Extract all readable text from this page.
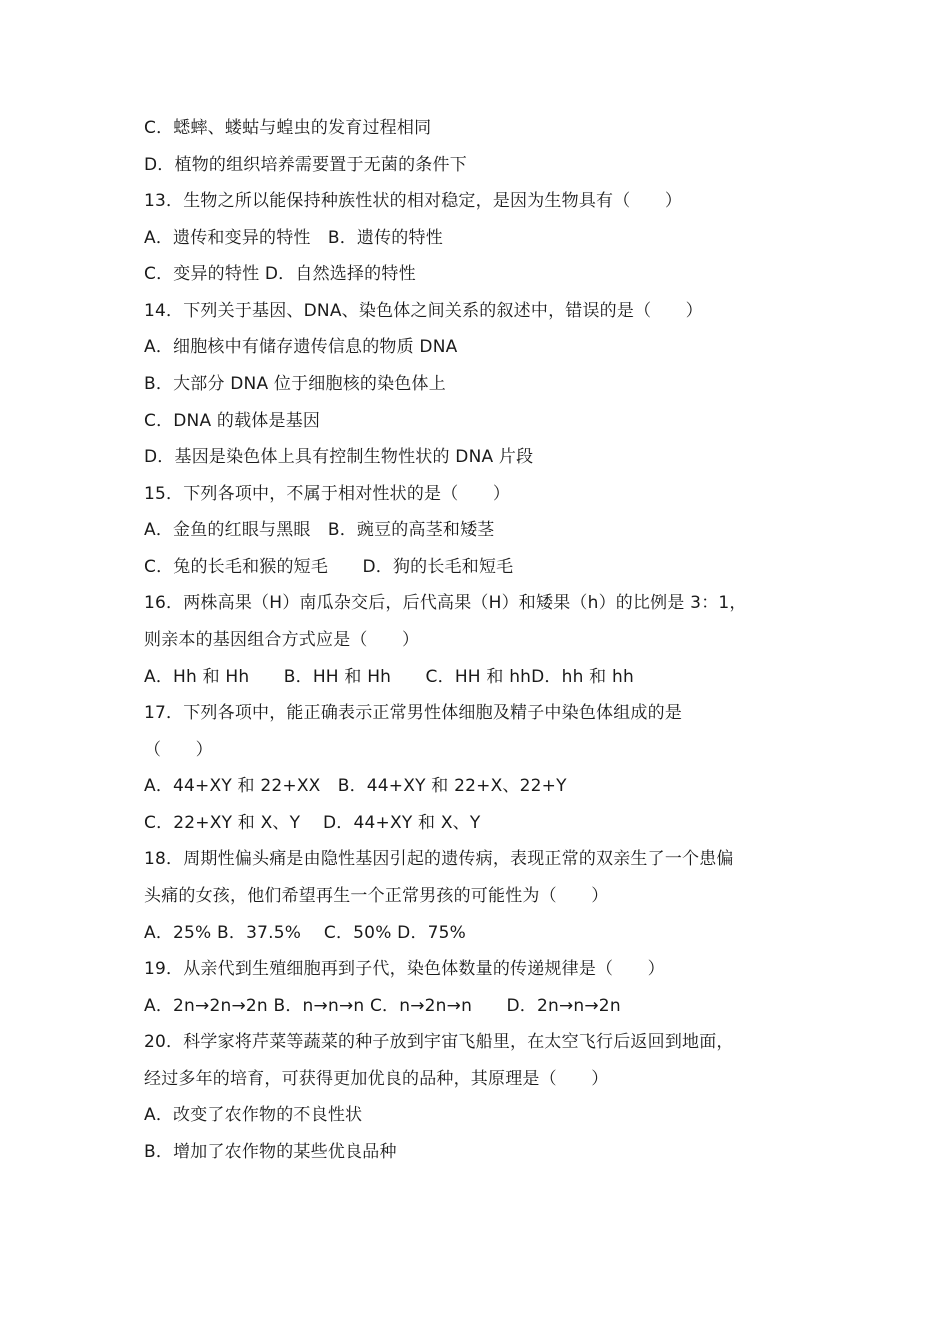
C．蟋蟀、蝼蛄与蝗虫的发育过程相同
D．植物的组织培养需要置于无菌的条件下
13．生物之所以能保持种族性状的相对稳定，是因为生物具有（　　）
A．遗传和变异的特性　B．遗传的特性
C．变异的特性 D．自然选择的特性
14．下列关于基因、DNA、染色体之间关系的叙述中，错误的是（　　）
A．细胞核中有储存遗传信息的物质 DNA
B．大部分 DNA 位于细胞核的染色体上
C．DNA 的载体是基因
D．基因是染色体上具有控制生物性状的 DNA 片段
15．下列各项中，不属于相对性状的是（　　）
A．金鱼的红眼与黑眼　B．豌豆的高茎和矮茎
C．兔的长毛和猴的短毛　　D．狗的长毛和短毛
16．两株高果（H）南瓜杂交后，后代高果（H）和矮果（h）的比例是 3：1，
则亲本的基因组合方式应是（　　）
A．Hh 和 Hh　　B．HH 和 Hh　　C．HH 和 hhD．hh 和 hh
17．下列各项中，能正确表示正常男性体细胞及精子中染色体组成的是
（　　）
A．44+XY 和 22+XX　B．44+XY 和 22+X、22+Y
C．22+XY 和 X、Y　 D．44+XY 和 X、Y
18．周期性偏头痛是由隐性基因引起的遗传病，表现正常的双亲生了一个患偏
头痛的女孩，他们希望再生一个正常男孩的可能性为（　　）
A．25% B．37.5%　 C．50% D．75%
19．从亲代到生殖细胞再到子代，染色体数量的传递规律是（　　）
A．2n→2n→2n B．n→n→n C．n→2n→n　　D．2n→n→2n
20．科学家将芹菜等蔬菜的种子放到宇宙飞船里，在太空飞行后返回到地面，
经过多年的培育，可获得更加优良的品种，其原理是（　　）
A．改变了农作物的不良性状
B．增加了农作物的某些优良品种
